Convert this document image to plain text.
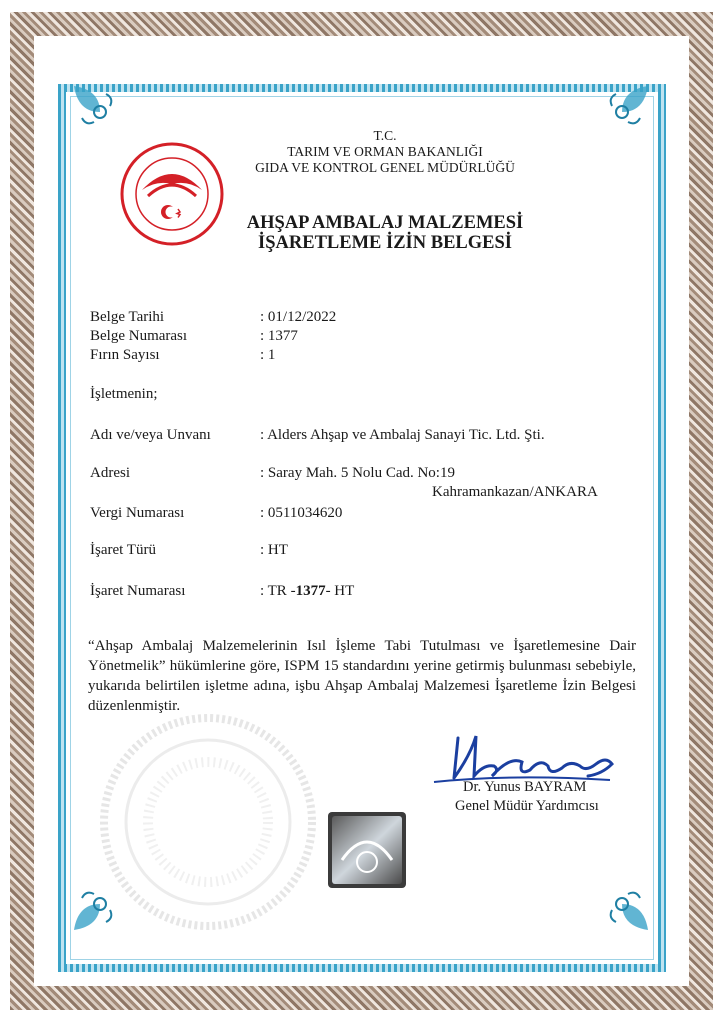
T.C.
TARIM VE ORMAN BAKANLIĞI
GIDA VE KONTROL GENEL MÜDÜRLÜĞÜ
AHŞAP AMBALAJ MALZEMESİ
İŞARETLEME İZİN BELGESİ
Belge Tarihi	: 01/12/2022
Belge Numarası	: 1377
Fırın Sayısı	: 1
İşletmenin;
Adı ve/veya Unvanı	: Alders Ahşap ve Ambalaj Sanayi Tic. Ltd. Şti.
Adresi	: Saray Mah. 5 Nolu Cad. No:19
Kahramankazan/ANKARA
Vergi Numarası	: 0511034620
İşaret Türü	: HT
İşaret Numarası	: TR -1377- HT
“Ahşap Ambalaj Malzemelerinin Isıl İşleme Tabi Tutulması ve İşaretlemesine Dair Yönetmelik” hükümlerine göre, ISPM 15 standardını yerine getirmiş bulunması sebebiyle, yukarıda belirtilen işletme adına, işbu Ahşap Ambalaj Malzemesi İşaretleme İzin Belgesi düzenlenmiştir.
Dr. Yunus BAYRAM
Genel Müdür Yardımcısı
